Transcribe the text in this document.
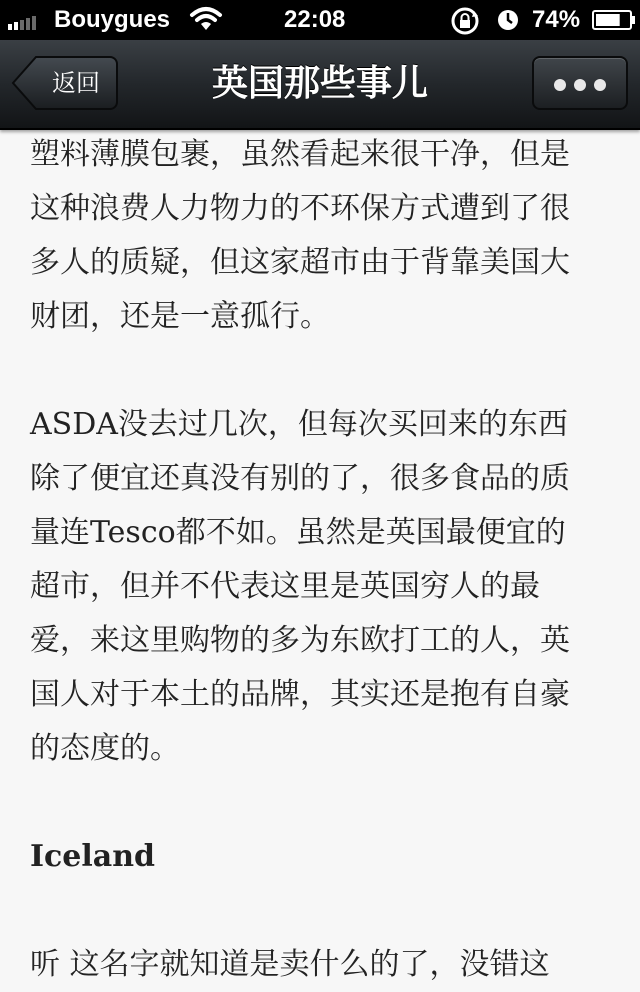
Bouygues	22:08	74%
返回	英国那些事儿

塑料薄膜包裹，虽然看起来很干净，但是

这种浪费人力物力的不环保方式遭到了很

多人的质疑，但这家超市由于背靠美国大

财团，还是一意孤行。

ASDA没去过几次，但每次买回来的东西

除了便宜还真没有别的了，很多食品的质

量连Tesco都不如。虽然是英国最便宜的

超市，但并不代表这里是英国穷人的最

爱，来这里购物的多为东欧打工的人，英

国人对于本土的品牌，其实还是抱有自豪

的态度的。

Iceland

听 这名字就知道是卖什么的了，没错这
